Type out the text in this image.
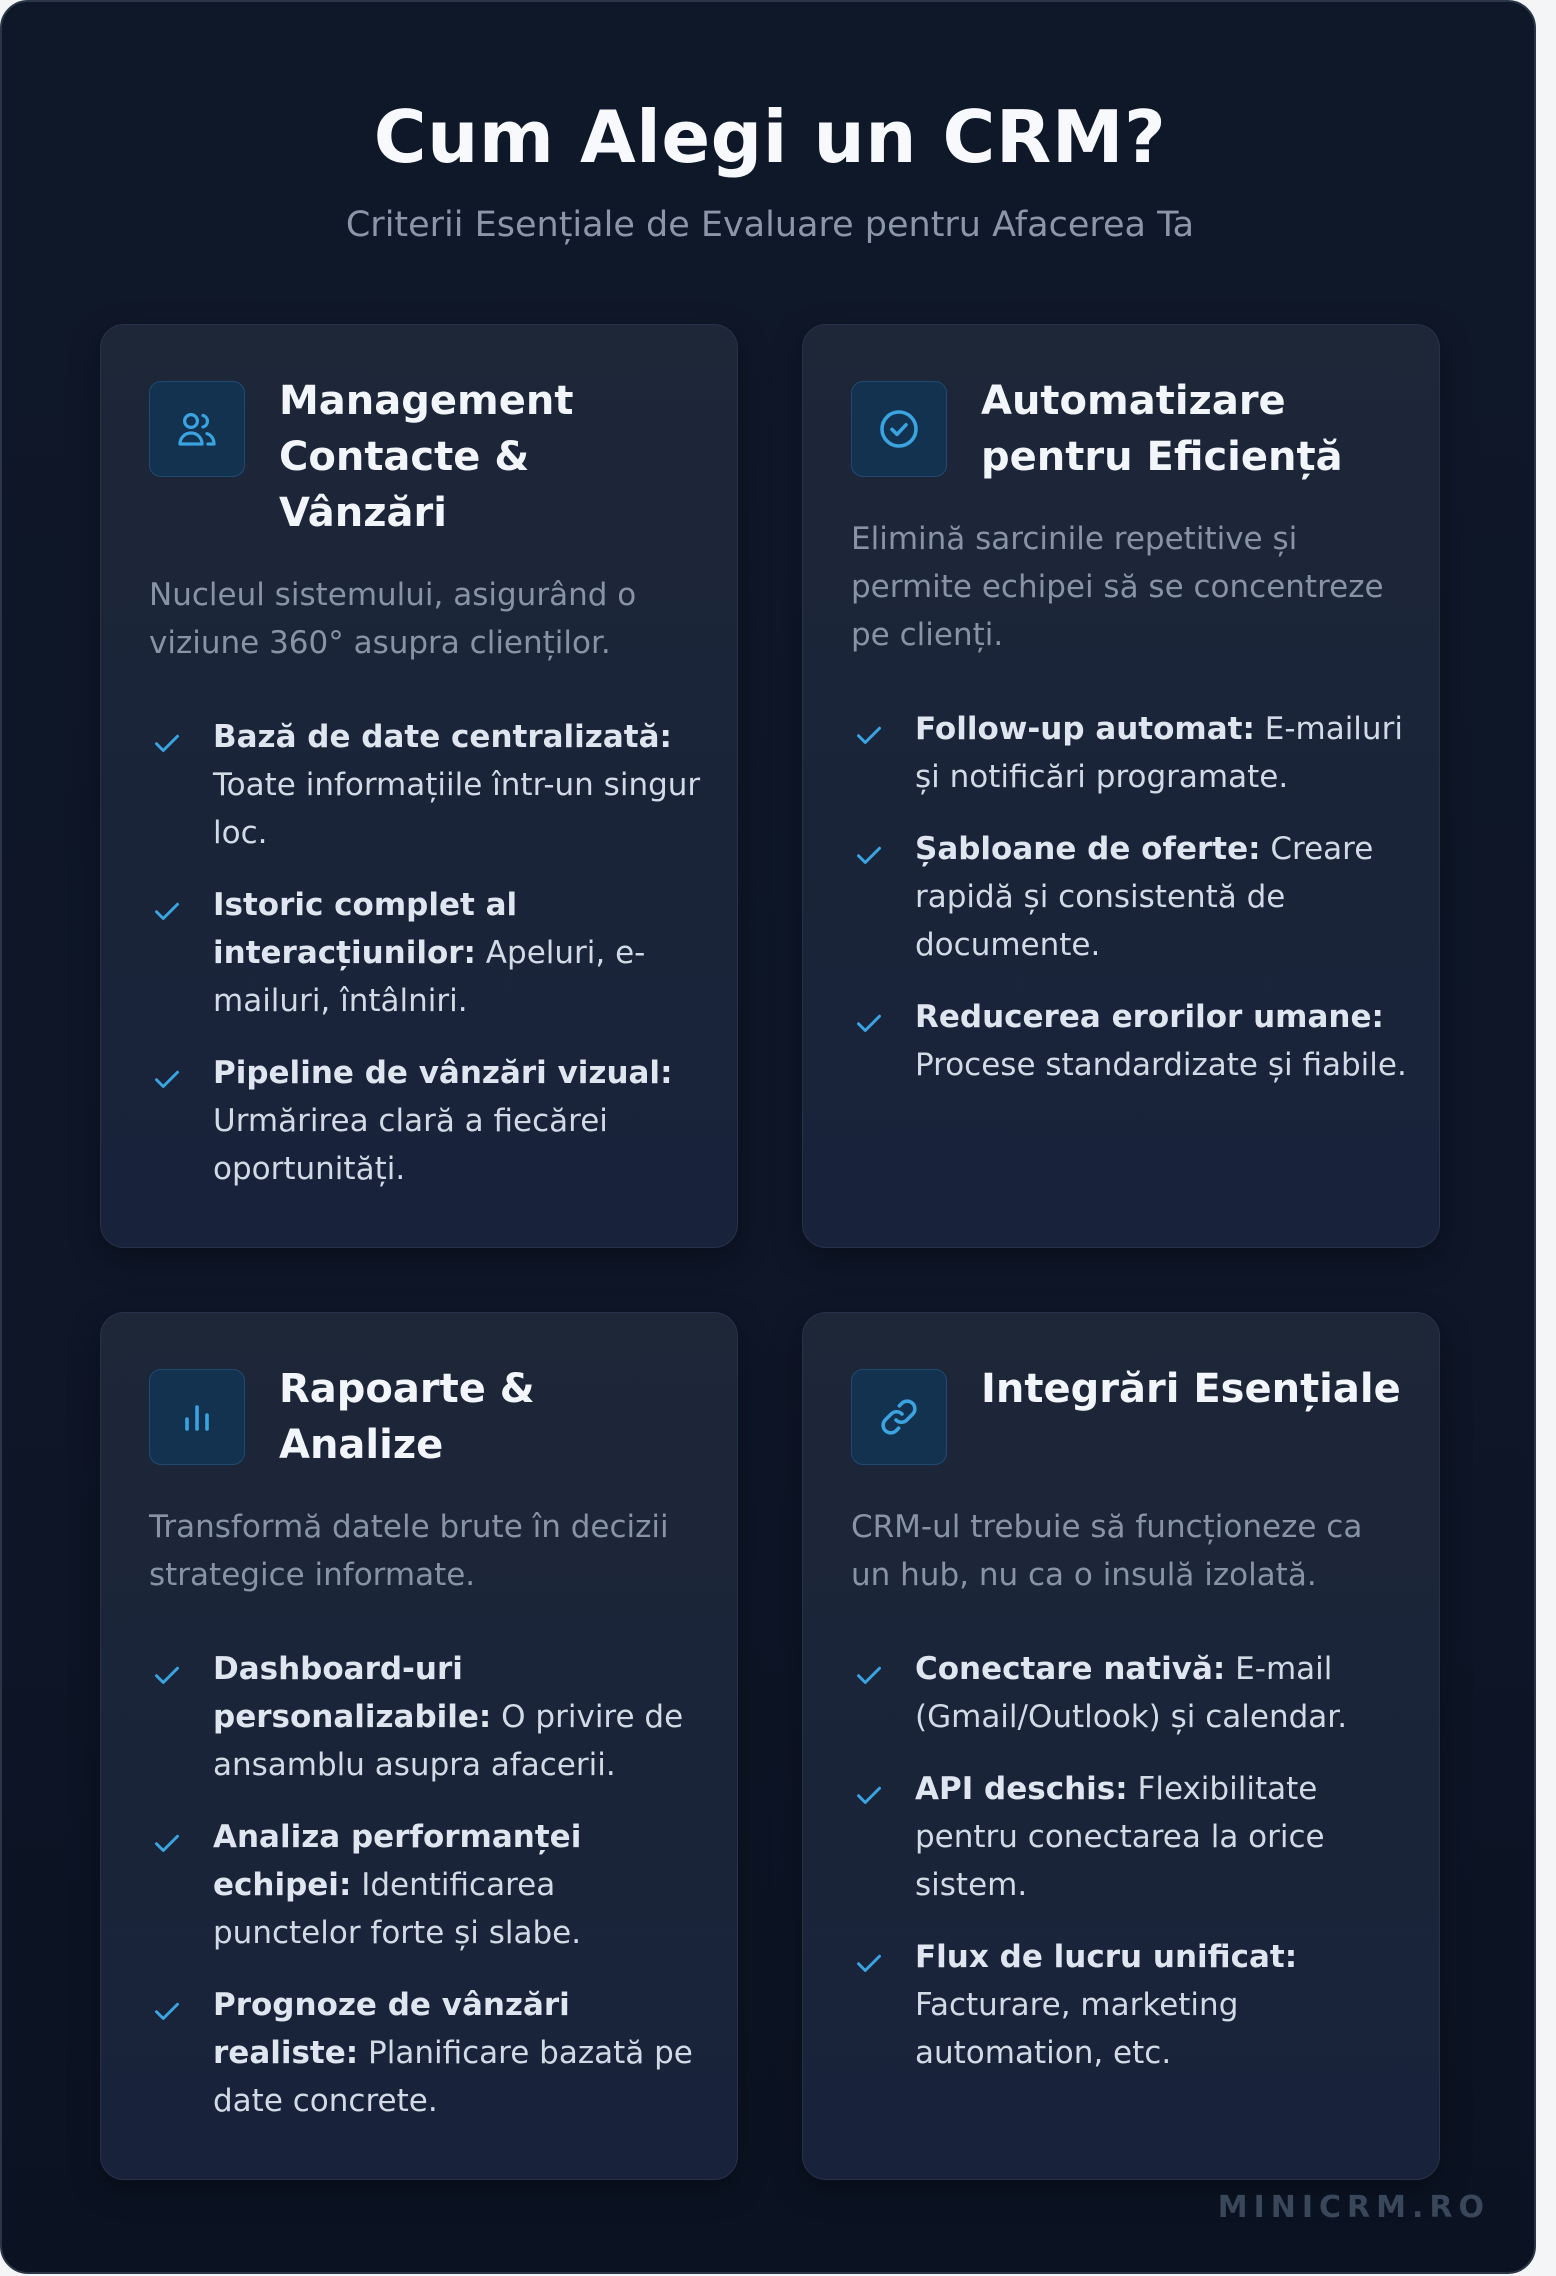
Cum Alegi un CRM?

Criterii Esențiale de Evaluare pentru Afacerea Ta

Management Contacte & Vânzări

Nucleul sistemului, asigurând o viziune 360° asupra clienților.

Bază de date centralizată: Toate informațiile într-un singur loc.
Istoric complet al interacțiunilor: Apeluri, e-mailuri, întâlniri.
Pipeline de vânzări vizual: Urmărirea clară a fiecărei oportunități.
Automatizare pentru Eficiență

Elimină sarcinile repetitive și permite echipei să se concentreze pe clienți.

Follow-up automat: E-mailuri și notificări programate.
Șabloane de oferte: Creare rapidă și consistentă de documente.
Reducerea erorilor umane: Procese standardizate și fiabile.
Rapoarte & Analize

Transformă datele brute în decizii strategice informate.

Dashboard-uri personalizabile: O privire de ansamblu asupra afacerii.
Analiza performanței echipei: Identificarea punctelor forte și slabe.
Prognoze de vânzări realiste: Planificare bazată pe date concrete.
Integrări Esențiale

CRM-ul trebuie să funcționeze ca un hub, nu ca o insulă izolată.

Conectare nativă: E-mail (Gmail/Outlook) și calendar.
API deschis: Flexibilitate pentru conectarea la orice sistem.
Flux de lucru unificat: Facturare, marketing automation, etc.
MINICRM.RO
